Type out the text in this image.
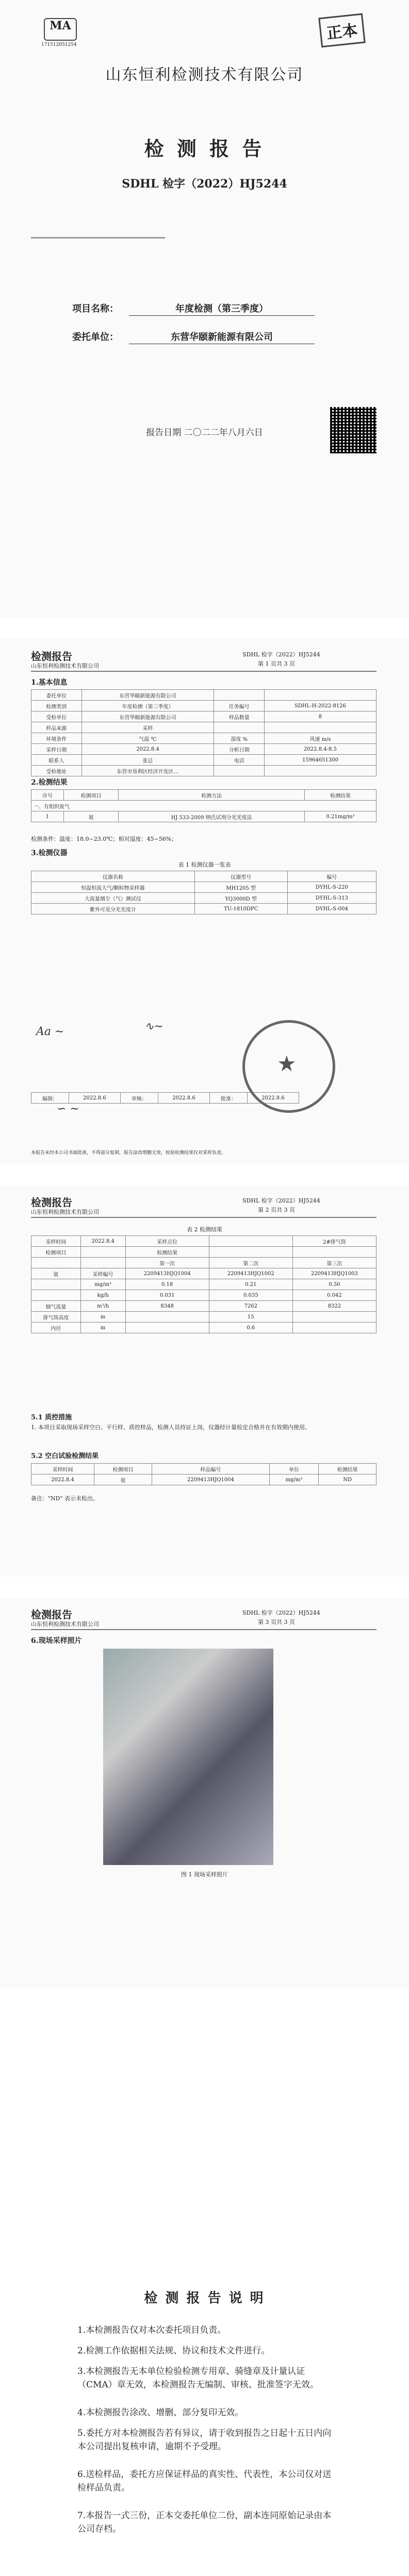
MA
171512051254
正本
山东恒利检测技术有限公司
检 测 报 告
SDHL 检字（2022）HJ5244
项目名称：	年度检测（第三季度）
委托单位：	东营华颐新能源有限公司
报告日期 二〇二二年八月六日
检测报告
山东恒利检测技术有限公司
SDHL 检字（2022）HJ5244
第 1 页共 3 页
1.基本信息
委托单位	东营华颐新能源有限公司		
检测类别	年度检测（第三季度）	任务编号	SDHL-H-2022-8126
受检单位	东营华颐新能源有限公司	样品数量	8
样品来源	采样		
环境条件	气温 ℃	湿度 %	风速 m/s
采样日期	2022.8.4	分析日期	2022.8.4-8.5
联系人	张总	电话	15964651300
受检地址	东营市垦利区经济开发区…		
2.检测结果
序号	检测项目	检测方法	检测结果
一、有组织废气			
1	氨	HJ 533-2009 纳氏试剂分光光度法	0.21mg/m³
检测条件：温度：18.0~23.0℃；相对湿度：45~56%；
3.检测仪器
表 1 检测仪器一览表
仪器名称	仪器型号	编号
恒温恒流大气/颗粒物采样器	MH1205 型	DYHL-S-220
大流量烟尘（气）测试仪	YQ3000D 型	DYHL-S-313
紫外可见分光光度计	TU-1810DPC	DYHL-S-004
Aa ∼	∿∼
∽ ∼
编制：	2022.8.6	审核：	2022.8.6	批准：	2022.8.6
★
本报告未经本公司书面批准，不得部分复制，报告涂改增删无效，检验检测结果仅对采样负责。
检测报告
山东恒利检测技术有限公司
SDHL 检字（2022）HJ5244
第 2 页共 3 页
表 2 检测结果
采样时间	2022.8.4	采样点位		2#排气筒
检测项目		检测结果		
		第一次	第二次	第三次
氨	采样编号	2209413HJQ1004	2209413HJQ1002	2209413HJQ1003
	mg/m³	0.18	0.21	0.50
	kg/h	0.031	0.035	0.042
烟气流量	m³/h	8348	7262	8322
排气筒高度	m		15	
内径	m		0.6	
5.1 质控措施
1. 本项目采取现场采样空白、平行样、质控样品，检测人员持证上岗，仪器经计量检定合格并在有效期内使用。
5.2 空白试验检测结果
采样时间	检测项目	样品编号	单位	检测结果
2022.8.4	氨	2209413HJQ1004	mg/m³	ND
备注："ND" 表示未检出。
检测报告
山东恒利检测技术有限公司
SDHL 检字（2022）HJ5244
第 3 页共 3 页
6.现场采样照片
图 1 现场采样照片
检 测 报 告 说 明
1.本检测报告仅对本次委托项目负责。
2.检测工作依据相关法规、协议和技术文件进行。
3.本检测报告无本单位检验检测专用章、骑缝章及计量认证（CMA）章无效，本检测报告无编制、审核、批准签字无效。
4.本检测报告涂改、增删、部分复印无效。
5.委托方对本检测报告若有异议，请于收到报告之日起十五日内向本公司提出复核申请，逾期不予受理。
6.送检样品，委托方应保证样品的真实性、代表性，本公司仅对送检样品负责。
7.本报告一式三份，正本交委托单位二份，副本连同原始记录由本公司存档。
